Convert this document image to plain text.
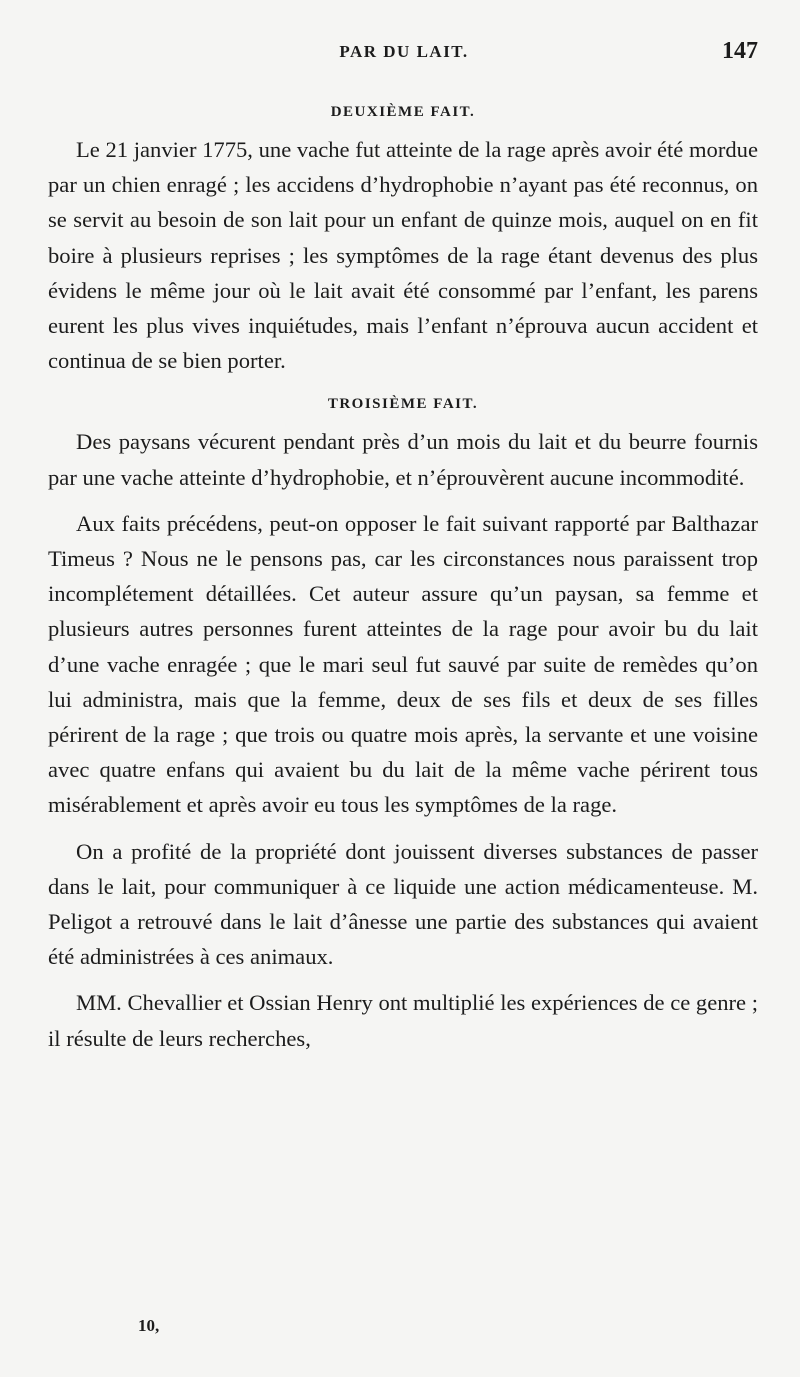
PAR DU LAIT.	147
DEUXIÈME FAIT.

Le 21 janvier 1775, une vache fut atteinte de la rage après avoir été mordue par un chien enragé ; les accidens d’hydrophobie n’ayant pas été reconnus, on se servit au besoin de son lait pour un enfant de quinze mois, auquel on en fit boire à plusieurs reprises ; les symptômes de la rage étant devenus des plus évidens le même jour où le lait avait été consommé par l’enfant, les parens eurent les plus vives inquiétudes, mais l’enfant n’éprouva aucun accident et continua de se bien porter.

TROISIÈME FAIT.

Des paysans vécurent pendant près d’un mois du lait et du beurre fournis par une vache atteinte d’hydrophobie, et n’éprouvèrent aucune incommodité.

Aux faits précédens, peut-on opposer le fait suivant rapporté par Balthazar Timeus ? Nous ne le pensons pas, car les circonstances nous paraissent trop incomplétement détaillées. Cet auteur assure qu’un paysan, sa femme et plusieurs autres personnes furent atteintes de la rage pour avoir bu du lait d’une vache enragée ; que le mari seul fut sauvé par suite de remèdes qu’on lui administra, mais que la femme, deux de ses fils et deux de ses filles périrent de la rage ; que trois ou quatre mois après, la servante et une voisine avec quatre enfans qui avaient bu du lait de la même vache périrent tous misérablement et après avoir eu tous les symptômes de la rage.

On a profité de la propriété dont jouissent diverses substances de passer dans le lait, pour communiquer à ce liquide une action médicamenteuse. M. Peligot a retrouvé dans le lait d’ânesse une partie des substances qui avaient été administrées à ces animaux.

MM. Chevallier et Ossian Henry ont multiplié les expériences de ce genre ; il résulte de leurs recherches,

10,
